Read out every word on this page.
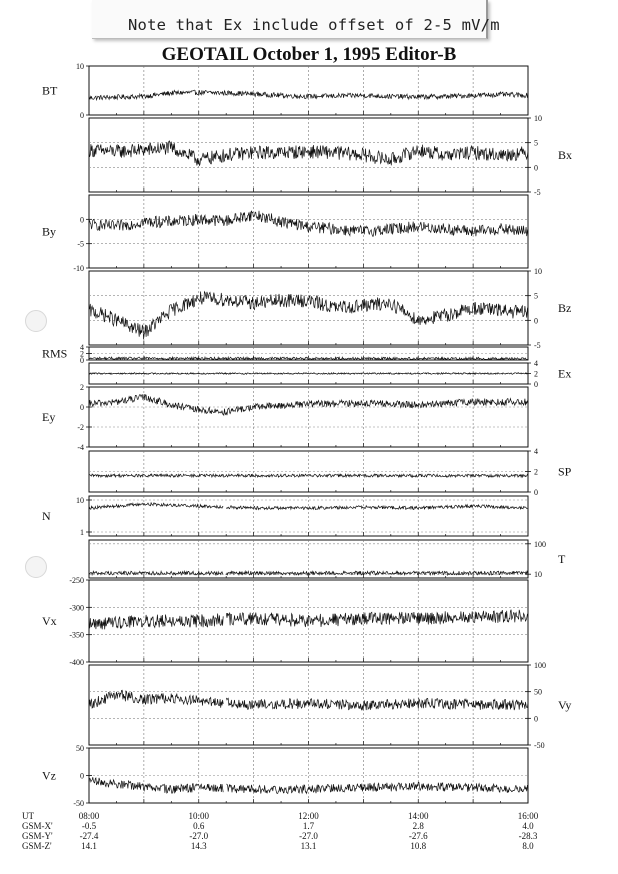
Note that Ex include offset of 2-5 mV/m
GEOTAIL October 1, 1995 Editor-B
0
10
BT
-5
0
5
10
Bx
-10
-5
0
By
-5
0
5
10
Bz
0
2
4
RMS
0
2
4
Ex
-4
-2
0
2
Ey
0
2
4
SP
1
10
N
10
100
T
-400
-350
-300
-250
Vx
-50
0
50
100
Vy
-50
0
50
Vz
UT	08:00	10:00	12:00	14:00	16:00
GSM-X'	-0.5	0.6	1.7	2.8	4.0
GSM-Y'	-27.4	-27.0	-27.0	-27.6	-28.3
GSM-Z'	14.1	14.3	13.1	10.8	8.0
